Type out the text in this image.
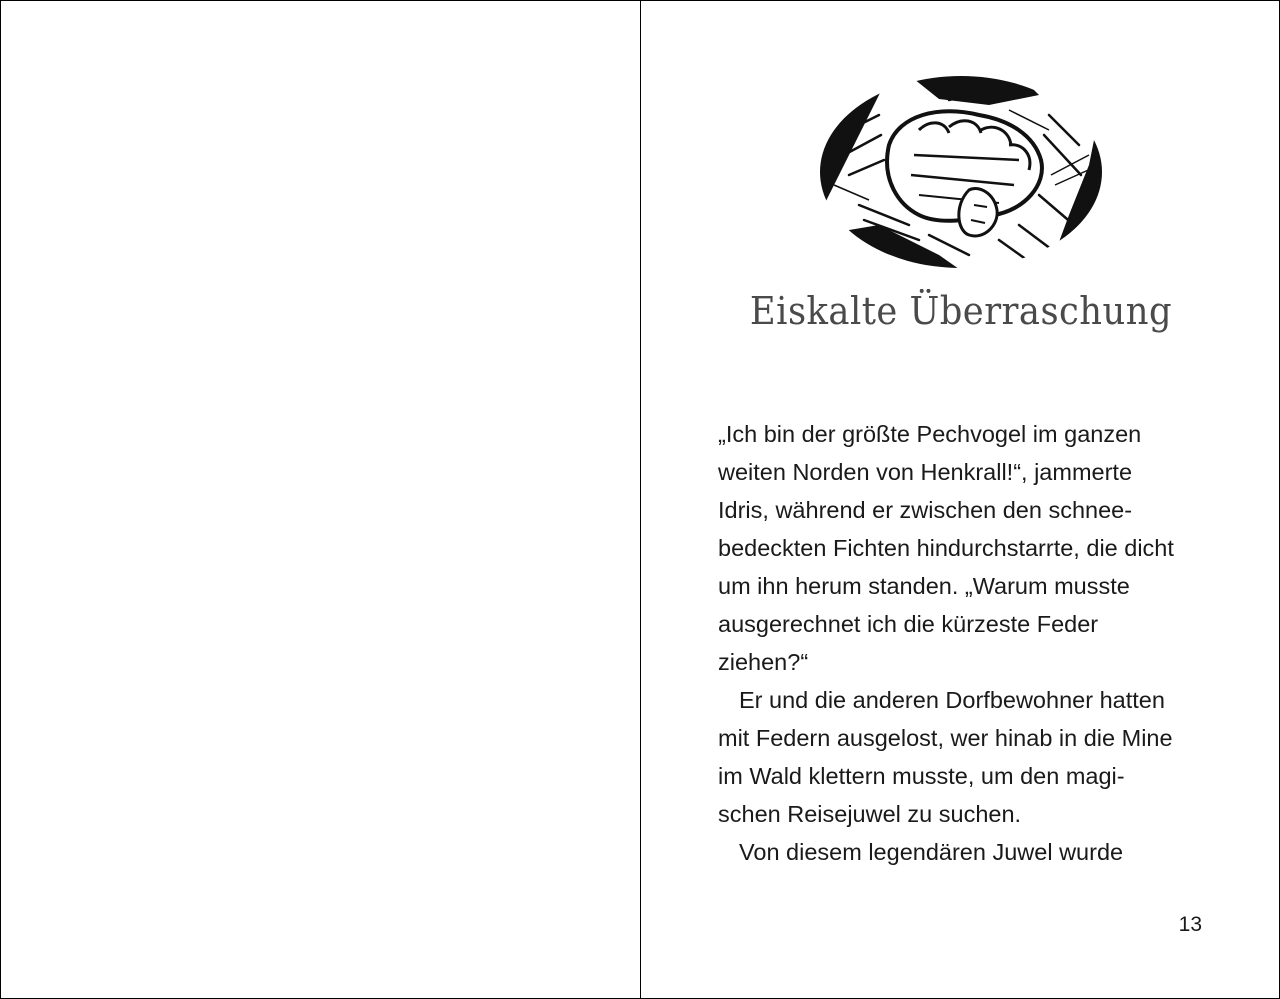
Eiskalte Überraschung
„Ich bin der größte Pechvogel im ganzen
weiten Norden von Henkrall!“, jammerte
Idris, während er zwischen den schnee-
bedeckten Fichten hindurchstarrte, die dicht
um ihn herum standen. „Warum musste
ausgerechnet ich die kürzeste Feder
ziehen?“
Er und die anderen Dorfbewohner hatten
mit Federn ausgelost, wer hinab in die Mine
im Wald klettern musste, um den magi-
schen Reisejuwel zu suchen.
Von diesem legendären Juwel wurde
13
